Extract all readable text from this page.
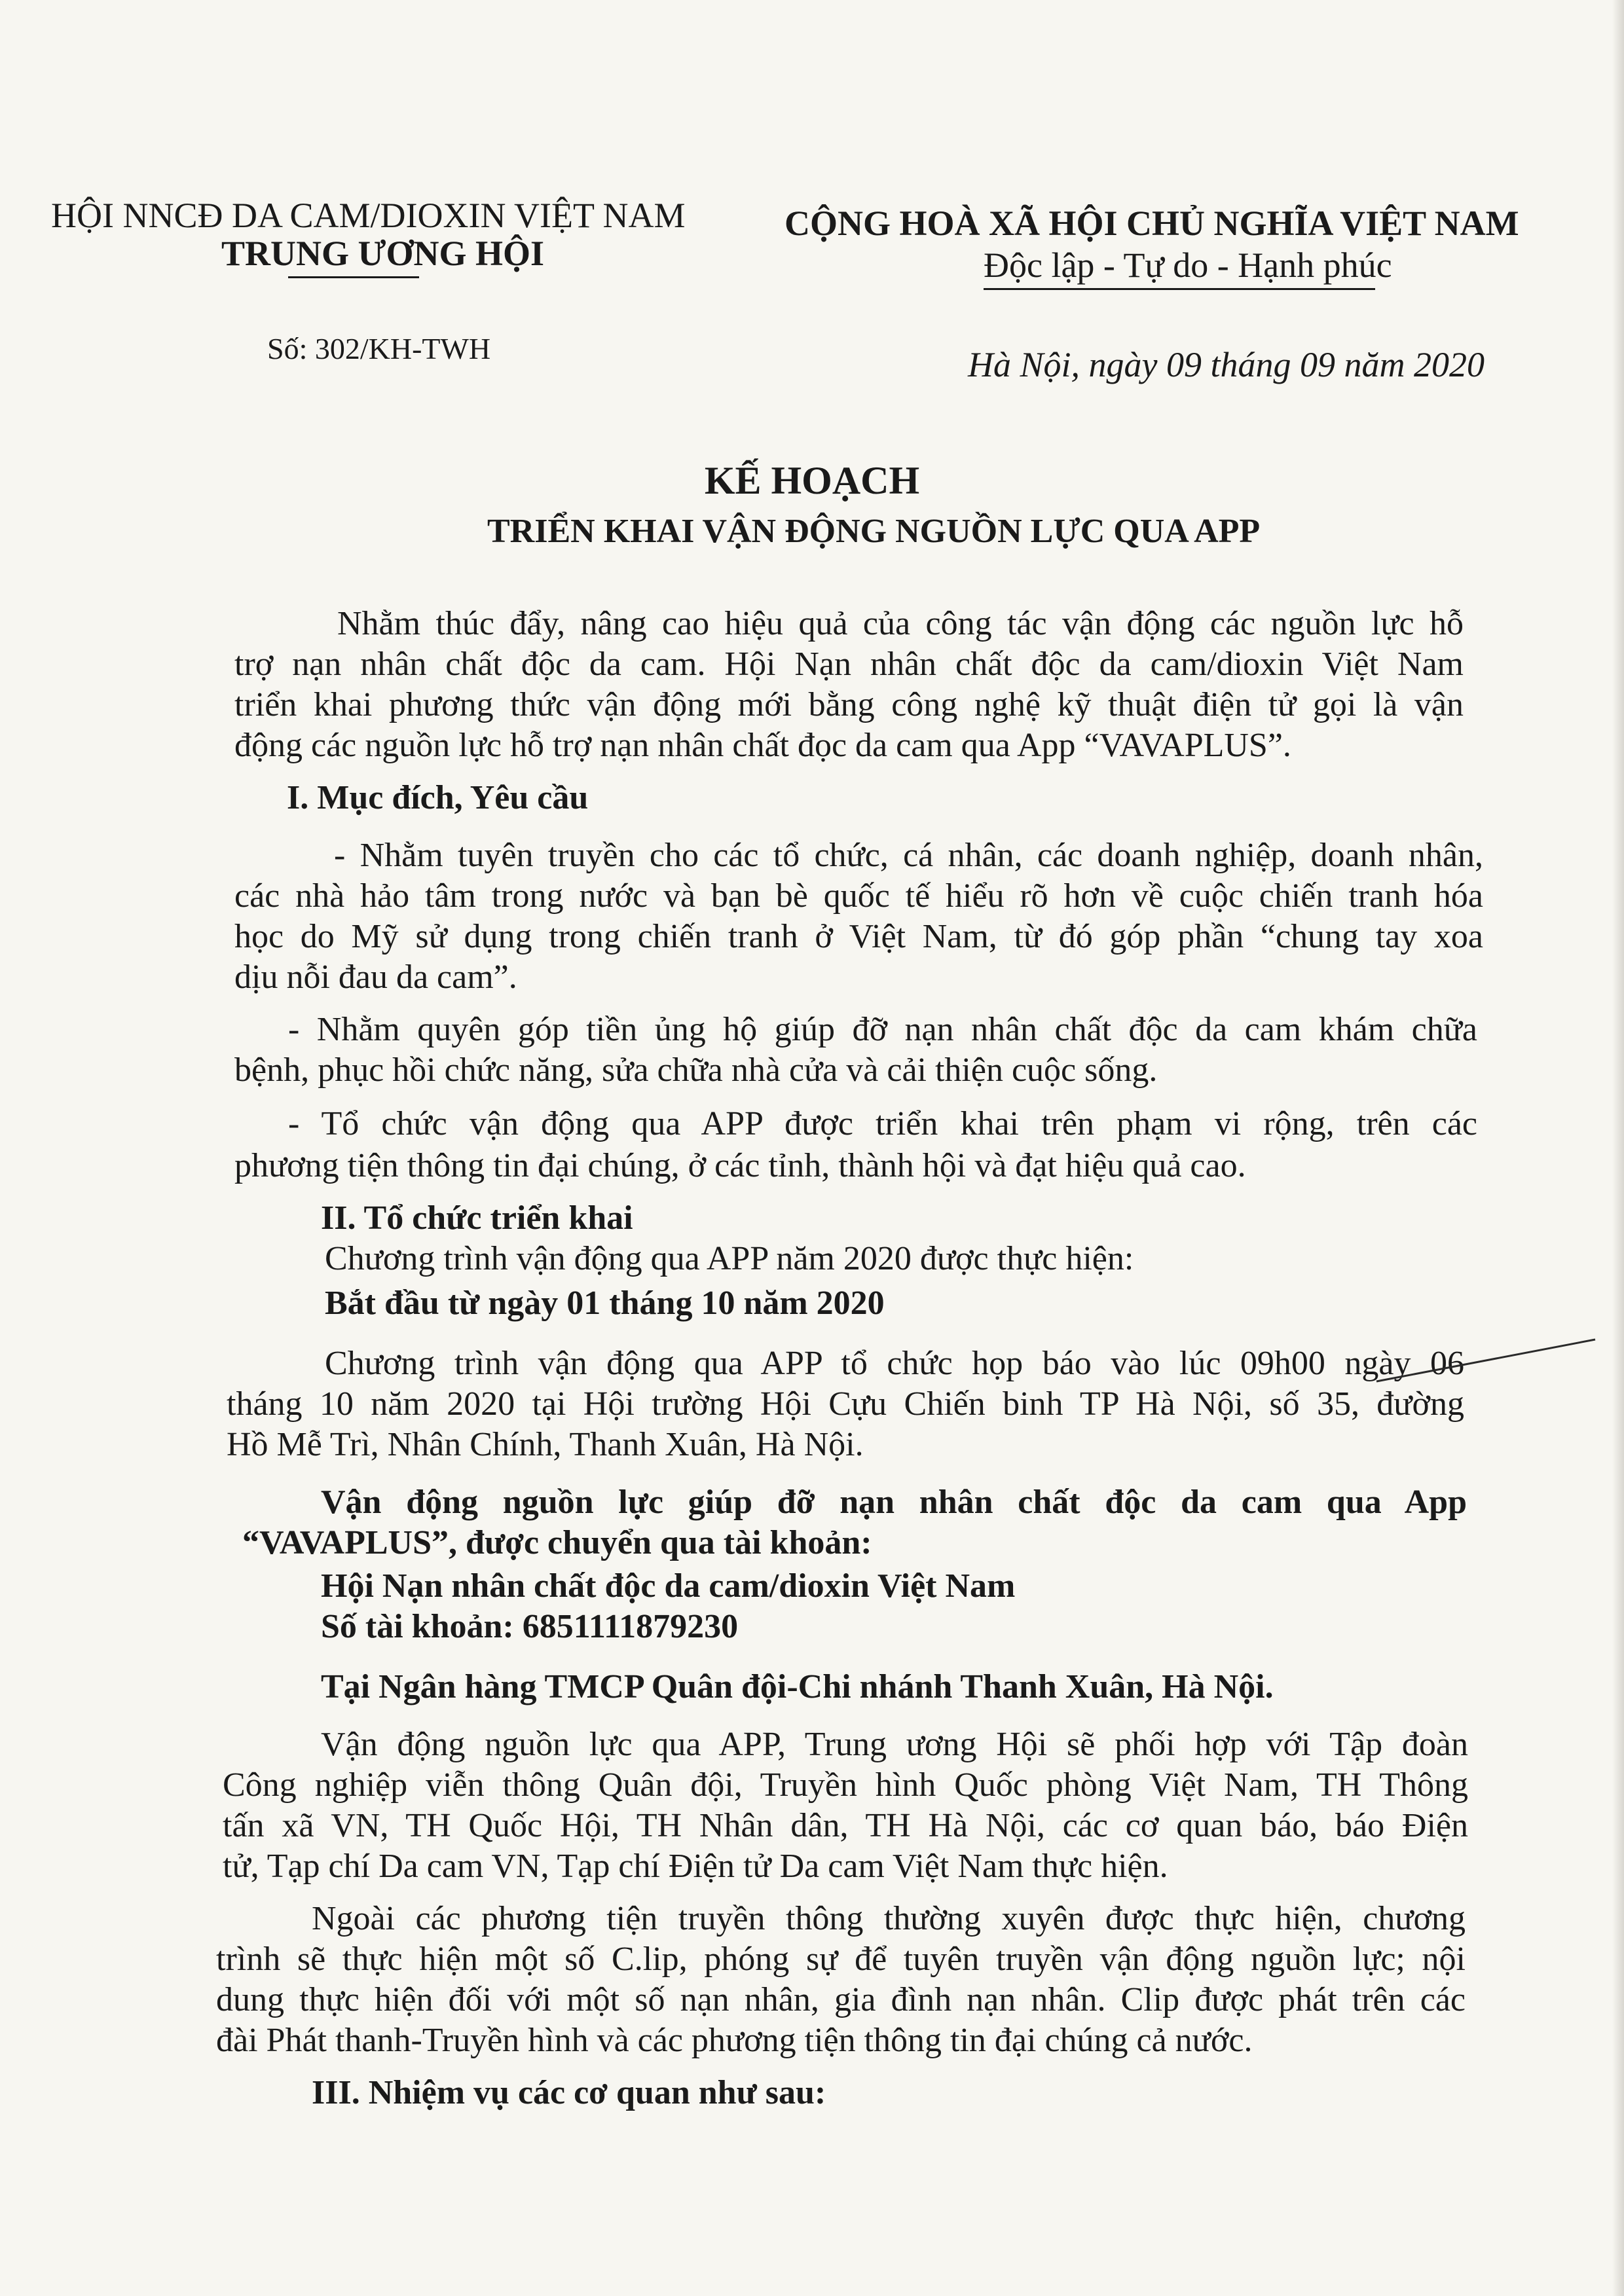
HỘI NNCĐ DA CAM/DIOXIN VIỆT NAM
TRUNG ƯƠNG HỘI
CỘNG HOÀ XÃ HỘI CHỦ NGHĨA VIỆT NAM
Độc lập - Tự do - Hạnh phúc
Số: 302/KH-TWH	Hà Nội, ngày 09 tháng 09 năm 2020
KẾ HOẠCH
TRIỂN KHAI VẬN ĐỘNG NGUỒN LỰC QUA APP
Nhằm thúc đẩy, nâng cao hiệu quả của công tác vận động các nguồn lực hỗ
trợ nạn nhân chất độc da cam. Hội Nạn nhân chất độc da cam/dioxin Việt Nam
triển khai phương thức vận động mới bằng công nghệ kỹ thuật điện tử gọi là vận
động các nguồn lực hỗ trợ nạn nhân chất đọc da cam qua App “VAVAPLUS”.
I. Mục đích, Yêu cầu
- Nhằm tuyên truyền cho các tổ chức, cá nhân, các doanh nghiệp, doanh nhân,
các nhà hảo tâm trong nước và bạn bè quốc tế hiểu rõ hơn về cuộc chiến tranh hóa
học do Mỹ sử dụng trong chiến tranh ở Việt Nam, từ đó góp phần “chung tay xoa
dịu nỗi đau da cam”.
- Nhằm quyên góp tiền ủng hộ giúp đỡ nạn nhân chất độc da cam khám chữa
bệnh, phục hồi chức năng, sửa chữa nhà cửa và cải thiện cuộc sống.
- Tổ chức vận động qua APP được triển khai trên phạm vi rộng, trên các
phương tiện thông tin đại chúng, ở các tỉnh, thành hội và đạt hiệu quả cao.
II. Tổ chức triển khai
Chương trình vận động qua APP năm 2020 được thực hiện:
Bắt đầu từ ngày 01 tháng 10 năm 2020
Chương trình vận động qua APP tổ chức họp báo vào lúc 09h00 ngày 06
tháng 10 năm 2020 tại Hội trường Hội Cựu Chiến binh TP Hà Nội, số 35, đường
Hồ Mễ Trì, Nhân Chính, Thanh Xuân, Hà Nội.
Vận động nguồn lực giúp đỡ nạn nhân chất độc da cam qua App
“VAVAPLUS”, được chuyển qua tài khoản:
Hội Nạn nhân chất độc da cam/dioxin Việt Nam
Số tài khoản: 6851111879230
Tại Ngân hàng TMCP Quân đội-Chi nhánh Thanh Xuân, Hà Nội.
Vận động nguồn lực qua APP, Trung ương Hội sẽ phối hợp với Tập đoàn
Công nghiệp viễn thông Quân đội, Truyền hình Quốc phòng Việt Nam, TH Thông
tấn xã VN, TH Quốc Hội, TH Nhân dân, TH Hà Nội, các cơ quan báo, báo Điện
tử, Tạp chí Da cam VN, Tạp chí Điện tử Da cam Việt Nam thực hiện.
Ngoài các phương tiện truyền thông thường xuyên được thực hiện, chương
trình sẽ thực hiện một số C.lip, phóng sự để tuyên truyền vận động nguồn lực; nội
dung thực hiện đối với một số nạn nhân, gia đình nạn nhân. Clip được phát trên các
đài Phát thanh-Truyền hình và các phương tiện thông tin đại chúng cả nước.
III. Nhiệm vụ các cơ quan như sau:
